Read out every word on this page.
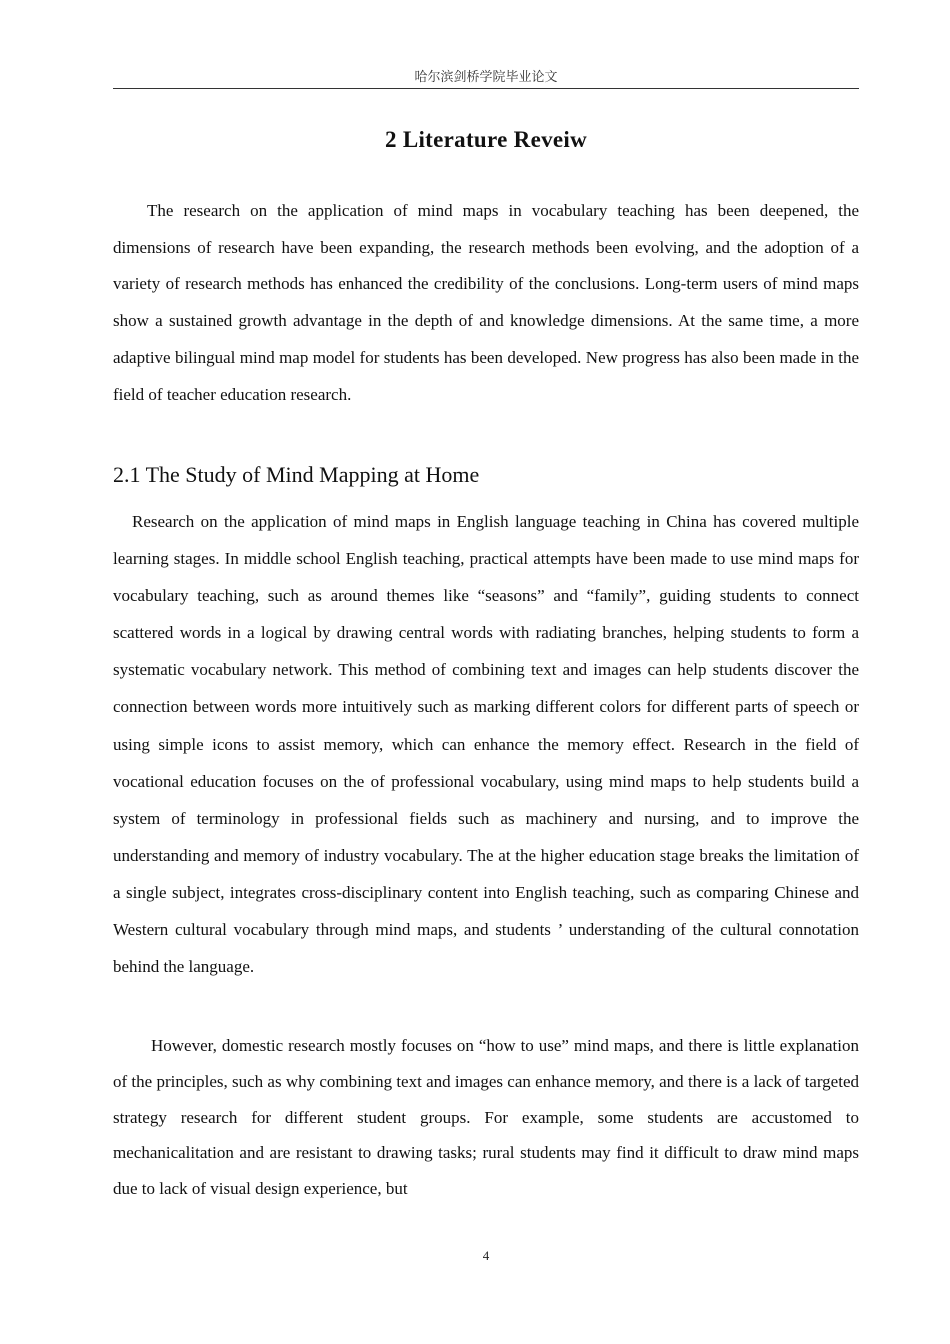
哈尔滨剑桥学院毕业论文
2 Literature Reveiw

The research on the application of mind maps in vocabulary teaching has been deepened, the dimensions of research have been expanding, the research methods been evolving, and the adoption of a variety of research methods has enhanced the credibility of the conclusions. Long-term users of mind maps show a sustained growth advantage in the depth of and knowledge dimensions. At the same time, a more adaptive bilingual mind map model for students has been developed. New progress has also been made in the field of teacher education research.

2.1 The Study of Mind Mapping at Home

Research on the application of mind maps in English language teaching in China has covered multiple learning stages. In middle school English teaching, practical attempts have been made to use mind maps for vocabulary teaching, such as around themes like “seasons” and “family”, guiding students to connect scattered words in a logical by drawing central words with radiating branches, helping students to form a systematic vocabulary network. This method of combining text and images can help students discover the connection between words more intuitively such as marking different colors for different parts of speech or using simple icons to assist memory, which can enhance the memory effect. Research in the field of vocational education focuses on the of professional vocabulary, using mind maps to help students build a system of terminology in professional fields such as machinery and nursing, and to improve the understanding and memory of industry vocabulary. The at the higher education stage breaks the limitation of a single subject, integrates cross-disciplinary content into English teaching, such as comparing Chinese and Western cultural vocabulary through mind maps, and students ’ understanding of the cultural connotation behind the language.

However, domestic research mostly focuses on “how to use” mind maps, and there is little explanation of the principles, such as why combining text and images can enhance memory, and there is a lack of targeted strategy research for different student groups. For example, some students are accustomed to mechanicalitation and are resistant to drawing tasks; rural students may find it difficult to draw mind maps due to lack of visual design experience, but

4
